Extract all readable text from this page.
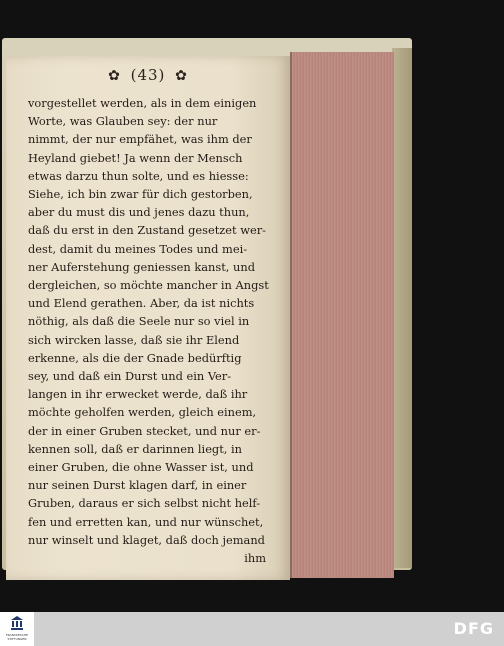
✿ (43) ✿
vorgestellet werden, als in dem einigen
Worte, was Glauben sey: der nur
nimmt, der nur empfähet, was ihm der
Heyland giebet! Ja wenn der Mensch
etwas darzu thun solte, und es hiesse:
Siehe, ich bin zwar für dich gestorben,
aber du must dis und jenes dazu thun,
daß du erst in den Zustand gesetzet wer-
dest, damit du meines Todes und mei-
ner Auferstehung geniessen kanst, und
dergleichen, so möchte mancher in Angst
und Elend gerathen. Aber, da ist nichts
nöthig, als daß die Seele nur so viel in
sich wircken lasse, daß sie ihr Elend
erkenne, als die der Gnade bedürftig
sey, und daß ein Durst und ein Ver-
langen in ihr erwecket werde, daß ihr
möchte geholfen werden, gleich einem,
der in einer Gruben stecket, und nur er-
kennen soll, daß er darinnen liegt, in
einer Gruben, die ohne Wasser ist, und
nur seinen Durst klagen darf, in einer
Gruben, daraus er sich selbst nicht helf-
fen und erretten kan, und nur wünschet,
nur winselt und klaget, daß doch jemand
ihm
FRANCKESCHE STIFTUNGEN
DFG
